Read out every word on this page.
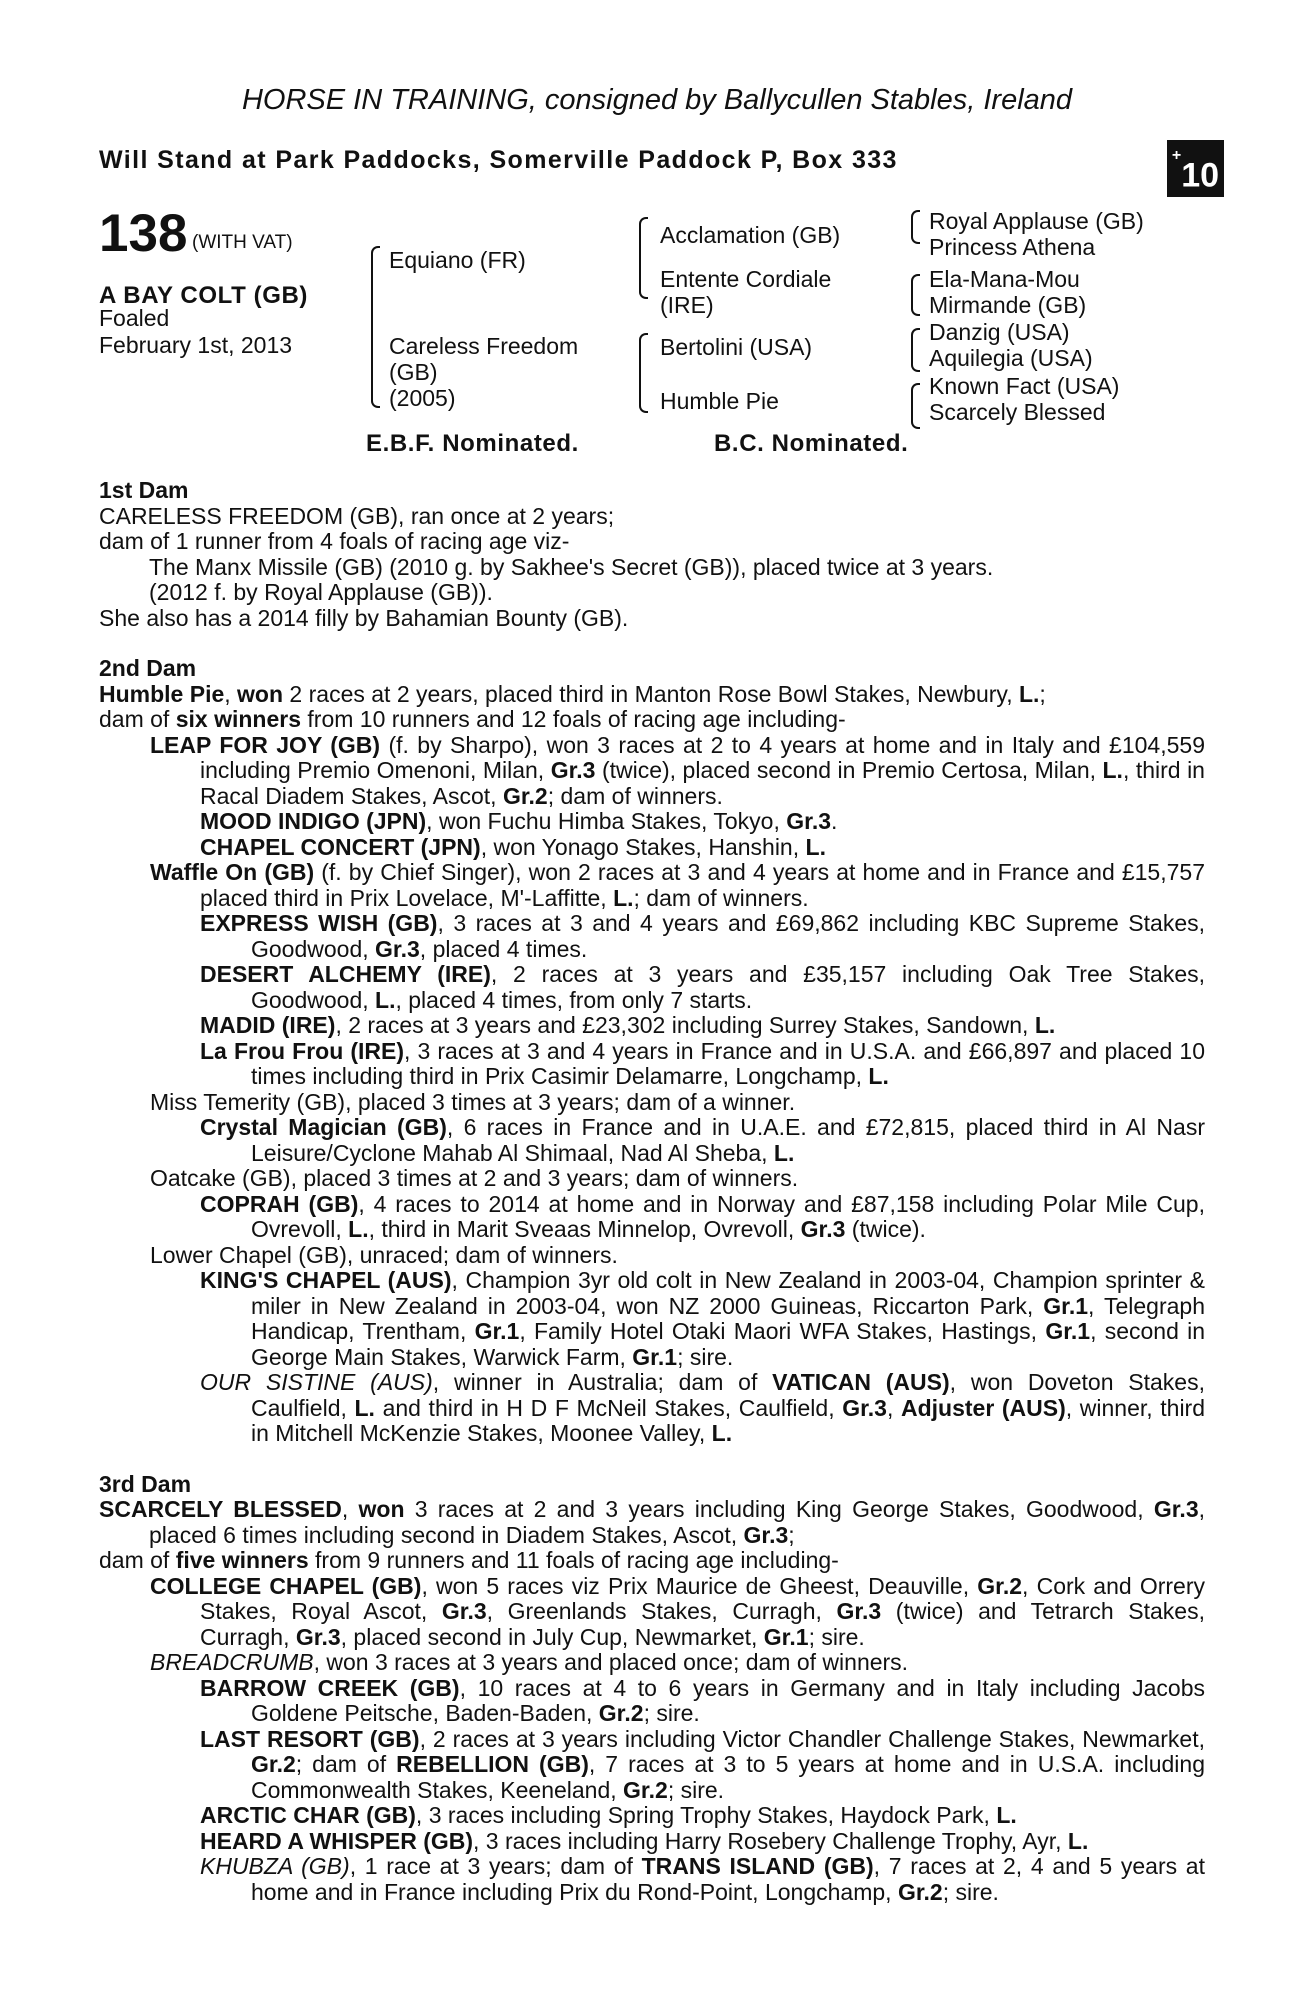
HORSE IN TRAINING, consigned by Ballycullen Stables, Ireland
Will Stand at Park Paddocks, Somerville Paddock P, Box 333	+10
138 (WITH VAT)
A BAY COLT (GB)
Foaled
February 1st, 2013
Equiano (FR)
Careless Freedom
(GB)
(2005)
Acclamation (GB)
Entente Cordiale
(IRE)
Bertolini (USA)
Humble Pie
Royal Applause (GB)
Princess Athena
Ela-Mana-Mou
Mirmande (GB)
Danzig (USA)
Aquilegia (USA)
Known Fact (USA)
Scarcely Blessed
E.B.F. Nominated.	B.C. Nominated.

1st Dam

CARELESS FREEDOM (GB), ran once at 2 years;

dam of 1 runner from 4 foals of racing age viz-

The Manx Missile (GB) (2010 g. by Sakhee's Secret (GB)), placed twice at 3 years.

(2012 f. by Royal Applause (GB)).

She also has a 2014 filly by Bahamian Bounty (GB).

2nd Dam

Humble Pie, won 2 races at 2 years, placed third in Manton Rose Bowl Stakes, Newbury, L.;

dam of six winners from 10 runners and 12 foals of racing age including-

LEAP FOR JOY (GB) (f. by Sharpo), won 3 races at 2 to 4 years at home and in Italy and £104,559 including Premio Omenoni, Milan, Gr.3 (twice), placed second in Premio Certosa, Milan, L., third in Racal Diadem Stakes, Ascot, Gr.2; dam of winners.

MOOD INDIGO (JPN), won Fuchu Himba Stakes, Tokyo, Gr.3.

CHAPEL CONCERT (JPN), won Yonago Stakes, Hanshin, L.

Waffle On (GB) (f. by Chief Singer), won 2 races at 3 and 4 years at home and in France and £15,757 placed third in Prix Lovelace, M'-Laffitte, L.; dam of winners.

EXPRESS WISH (GB), 3 races at 3 and 4 years and £69,862 including KBC Supreme Stakes, Goodwood, Gr.3, placed 4 times.

DESERT ALCHEMY (IRE), 2 races at 3 years and £35,157 including Oak Tree Stakes, Goodwood, L., placed 4 times, from only 7 starts.

MADID (IRE), 2 races at 3 years and £23,302 including Surrey Stakes, Sandown, L.

La Frou Frou (IRE), 3 races at 3 and 4 years in France and in U.S.A. and £66,897 and placed 10 times including third in Prix Casimir Delamarre, Longchamp, L.

Miss Temerity (GB), placed 3 times at 3 years; dam of a winner.

Crystal Magician (GB), 6 races in France and in U.A.E. and £72,815, placed third in Al Nasr Leisure/Cyclone Mahab Al Shimaal, Nad Al Sheba, L.

Oatcake (GB), placed 3 times at 2 and 3 years; dam of winners.

COPRAH (GB), 4 races to 2014 at home and in Norway and £87,158 including Polar Mile Cup, Ovrevoll, L., third in Marit Sveaas Minnelop, Ovrevoll, Gr.3 (twice).

Lower Chapel (GB), unraced; dam of winners.

KING'S CHAPEL (AUS), Champion 3yr old colt in New Zealand in 2003-04, Champion sprinter & miler in New Zealand in 2003-04, won NZ 2000 Guineas, Riccarton Park, Gr.1, Telegraph Handicap, Trentham, Gr.1, Family Hotel Otaki Maori WFA Stakes, Hastings, Gr.1, second in George Main Stakes, Warwick Farm, Gr.1; sire.

OUR SISTINE (AUS), winner in Australia; dam of VATICAN (AUS), won Doveton Stakes, Caulfield, L. and third in H D F McNeil Stakes, Caulfield, Gr.3, Adjuster (AUS), winner, third in Mitchell McKenzie Stakes, Moonee Valley, L.

3rd Dam

SCARCELY BLESSED, won 3 races at 2 and 3 years including King George Stakes, Goodwood, Gr.3, placed 6 times including second in Diadem Stakes, Ascot, Gr.3;

dam of five winners from 9 runners and 11 foals of racing age including-

COLLEGE CHAPEL (GB), won 5 races viz Prix Maurice de Gheest, Deauville, Gr.2, Cork and Orrery Stakes, Royal Ascot, Gr.3, Greenlands Stakes, Curragh, Gr.3 (twice) and Tetrarch Stakes, Curragh, Gr.3, placed second in July Cup, Newmarket, Gr.1; sire.

BREADCRUMB, won 3 races at 3 years and placed once; dam of winners.

BARROW CREEK (GB), 10 races at 4 to 6 years in Germany and in Italy including Jacobs Goldene Peitsche, Baden-Baden, Gr.2; sire.

LAST RESORT (GB), 2 races at 3 years including Victor Chandler Challenge Stakes, Newmarket, Gr.2; dam of REBELLION (GB), 7 races at 3 to 5 years at home and in U.S.A. including Commonwealth Stakes, Keeneland, Gr.2; sire.

ARCTIC CHAR (GB), 3 races including Spring Trophy Stakes, Haydock Park, L.

HEARD A WHISPER (GB), 3 races including Harry Rosebery Challenge Trophy, Ayr, L.

KHUBZA (GB), 1 race at 3 years; dam of TRANS ISLAND (GB), 7 races at 2, 4 and 5 years at home and in France including Prix du Rond-Point, Longchamp, Gr.2; sire.
